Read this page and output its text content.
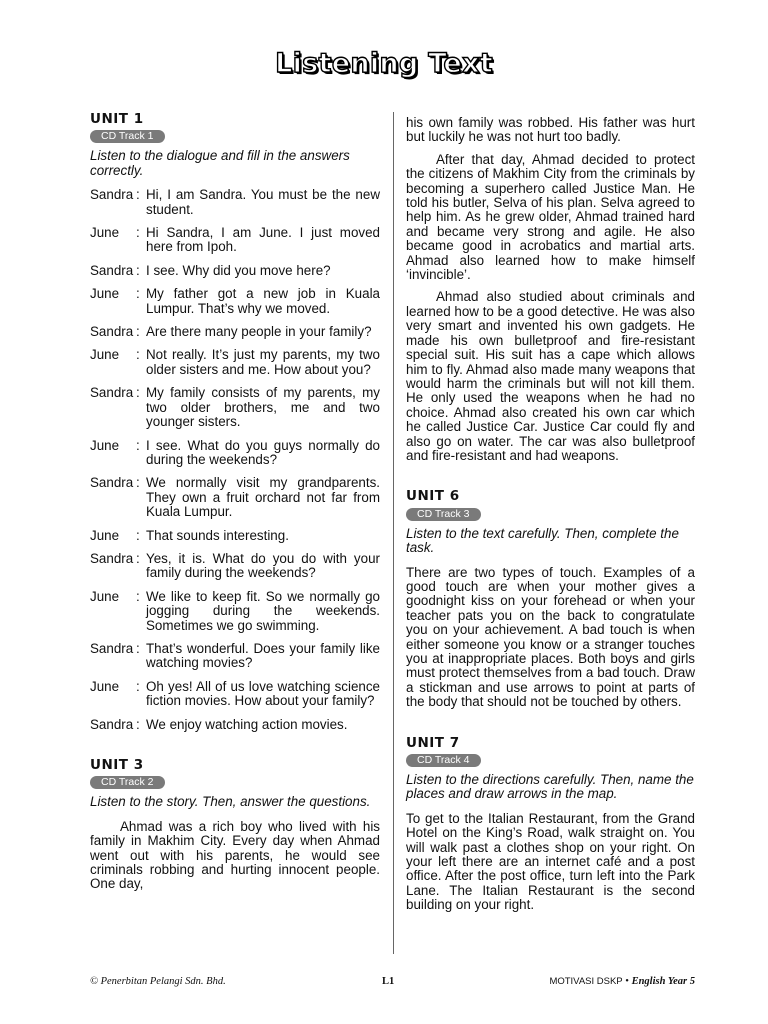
Listening Text
UNIT 1
CD Track 1
Listen to the dialogue and fill in the answers correctly.
Sandra : Hi, I am Sandra. You must be the new student.
June : Hi Sandra, I am June. I just moved here from Ipoh.
Sandra : I see. Why did you move here?
June : My father got a new job in Kuala Lumpur. That’s why we moved.
Sandra : Are there many people in your family?
June : Not really. It’s just my parents, my two older sisters and me. How about you?
Sandra : My family consists of my parents, my two older brothers, me and two younger sisters.
June : I see. What do you guys normally do during the weekends?
Sandra : We normally visit my grandparents. They own a fruit orchard not far from Kuala Lumpur.
June : That sounds interesting.
Sandra : Yes, it is. What do you do with your family during the weekends?
June : We like to keep fit. So we normally go jogging during the weekends. Sometimes we go swimming.
Sandra : That’s wonderful. Does your family like watching movies?
June : Oh yes! All of us love watching science fiction movies. How about your family?
Sandra : We enjoy watching action movies.
UNIT 3
CD Track 2
Listen to the story. Then, answer the questions.
Ahmad was a rich boy who lived with his family in Makhim City. Every day when Ahmad went out with his parents, he would see criminals robbing and hurting innocent people. One day,
his own family was robbed. His father was hurt but luckily he was not hurt too badly.
After that day, Ahmad decided to protect the citizens of Makhim City from the criminals by becoming a superhero called Justice Man. He told his butler, Selva of his plan. Selva agreed to help him. As he grew older, Ahmad trained hard and became very strong and agile. He also became good in acrobatics and martial arts. Ahmad also learned how to make himself ‘invincible’.
Ahmad also studied about criminals and learned how to be a good detective. He was also very smart and invented his own gadgets. He made his own bulletproof and fire-resistant special suit. His suit has a cape which allows him to fly. Ahmad also made many weapons that would harm the criminals but will not kill them. He only used the weapons when he had no choice. Ahmad also created his own car which he called Justice Car. Justice Car could fly and also go on water. The car was also bulletproof and fire-resistant and had weapons.
UNIT 6
CD Track 3
Listen to the text carefully. Then, complete the task.
There are two types of touch. Examples of a good touch are when your mother gives a goodnight kiss on your forehead or when your teacher pats you on the back to congratulate you on your achievement. A bad touch is when either someone you know or a stranger touches you at inappropriate places. Both boys and girls must protect themselves from a bad touch. Draw a stickman and use arrows to point at parts of the body that should not be touched by others.
UNIT 7
CD Track 4
Listen to the directions carefully. Then, name the places and draw arrows in the map.
To get to the Italian Restaurant, from the Grand Hotel on the King’s Road, walk straight on. You will walk past a clothes shop on your right. On your left there are an internet café and a post office. After the post office, turn left into the Park Lane. The Italian Restaurant is the second building on your right.
© Penerbitan Pelangi Sdn. Bhd.	L1	MOTIVASI DSKP • English Year 5
